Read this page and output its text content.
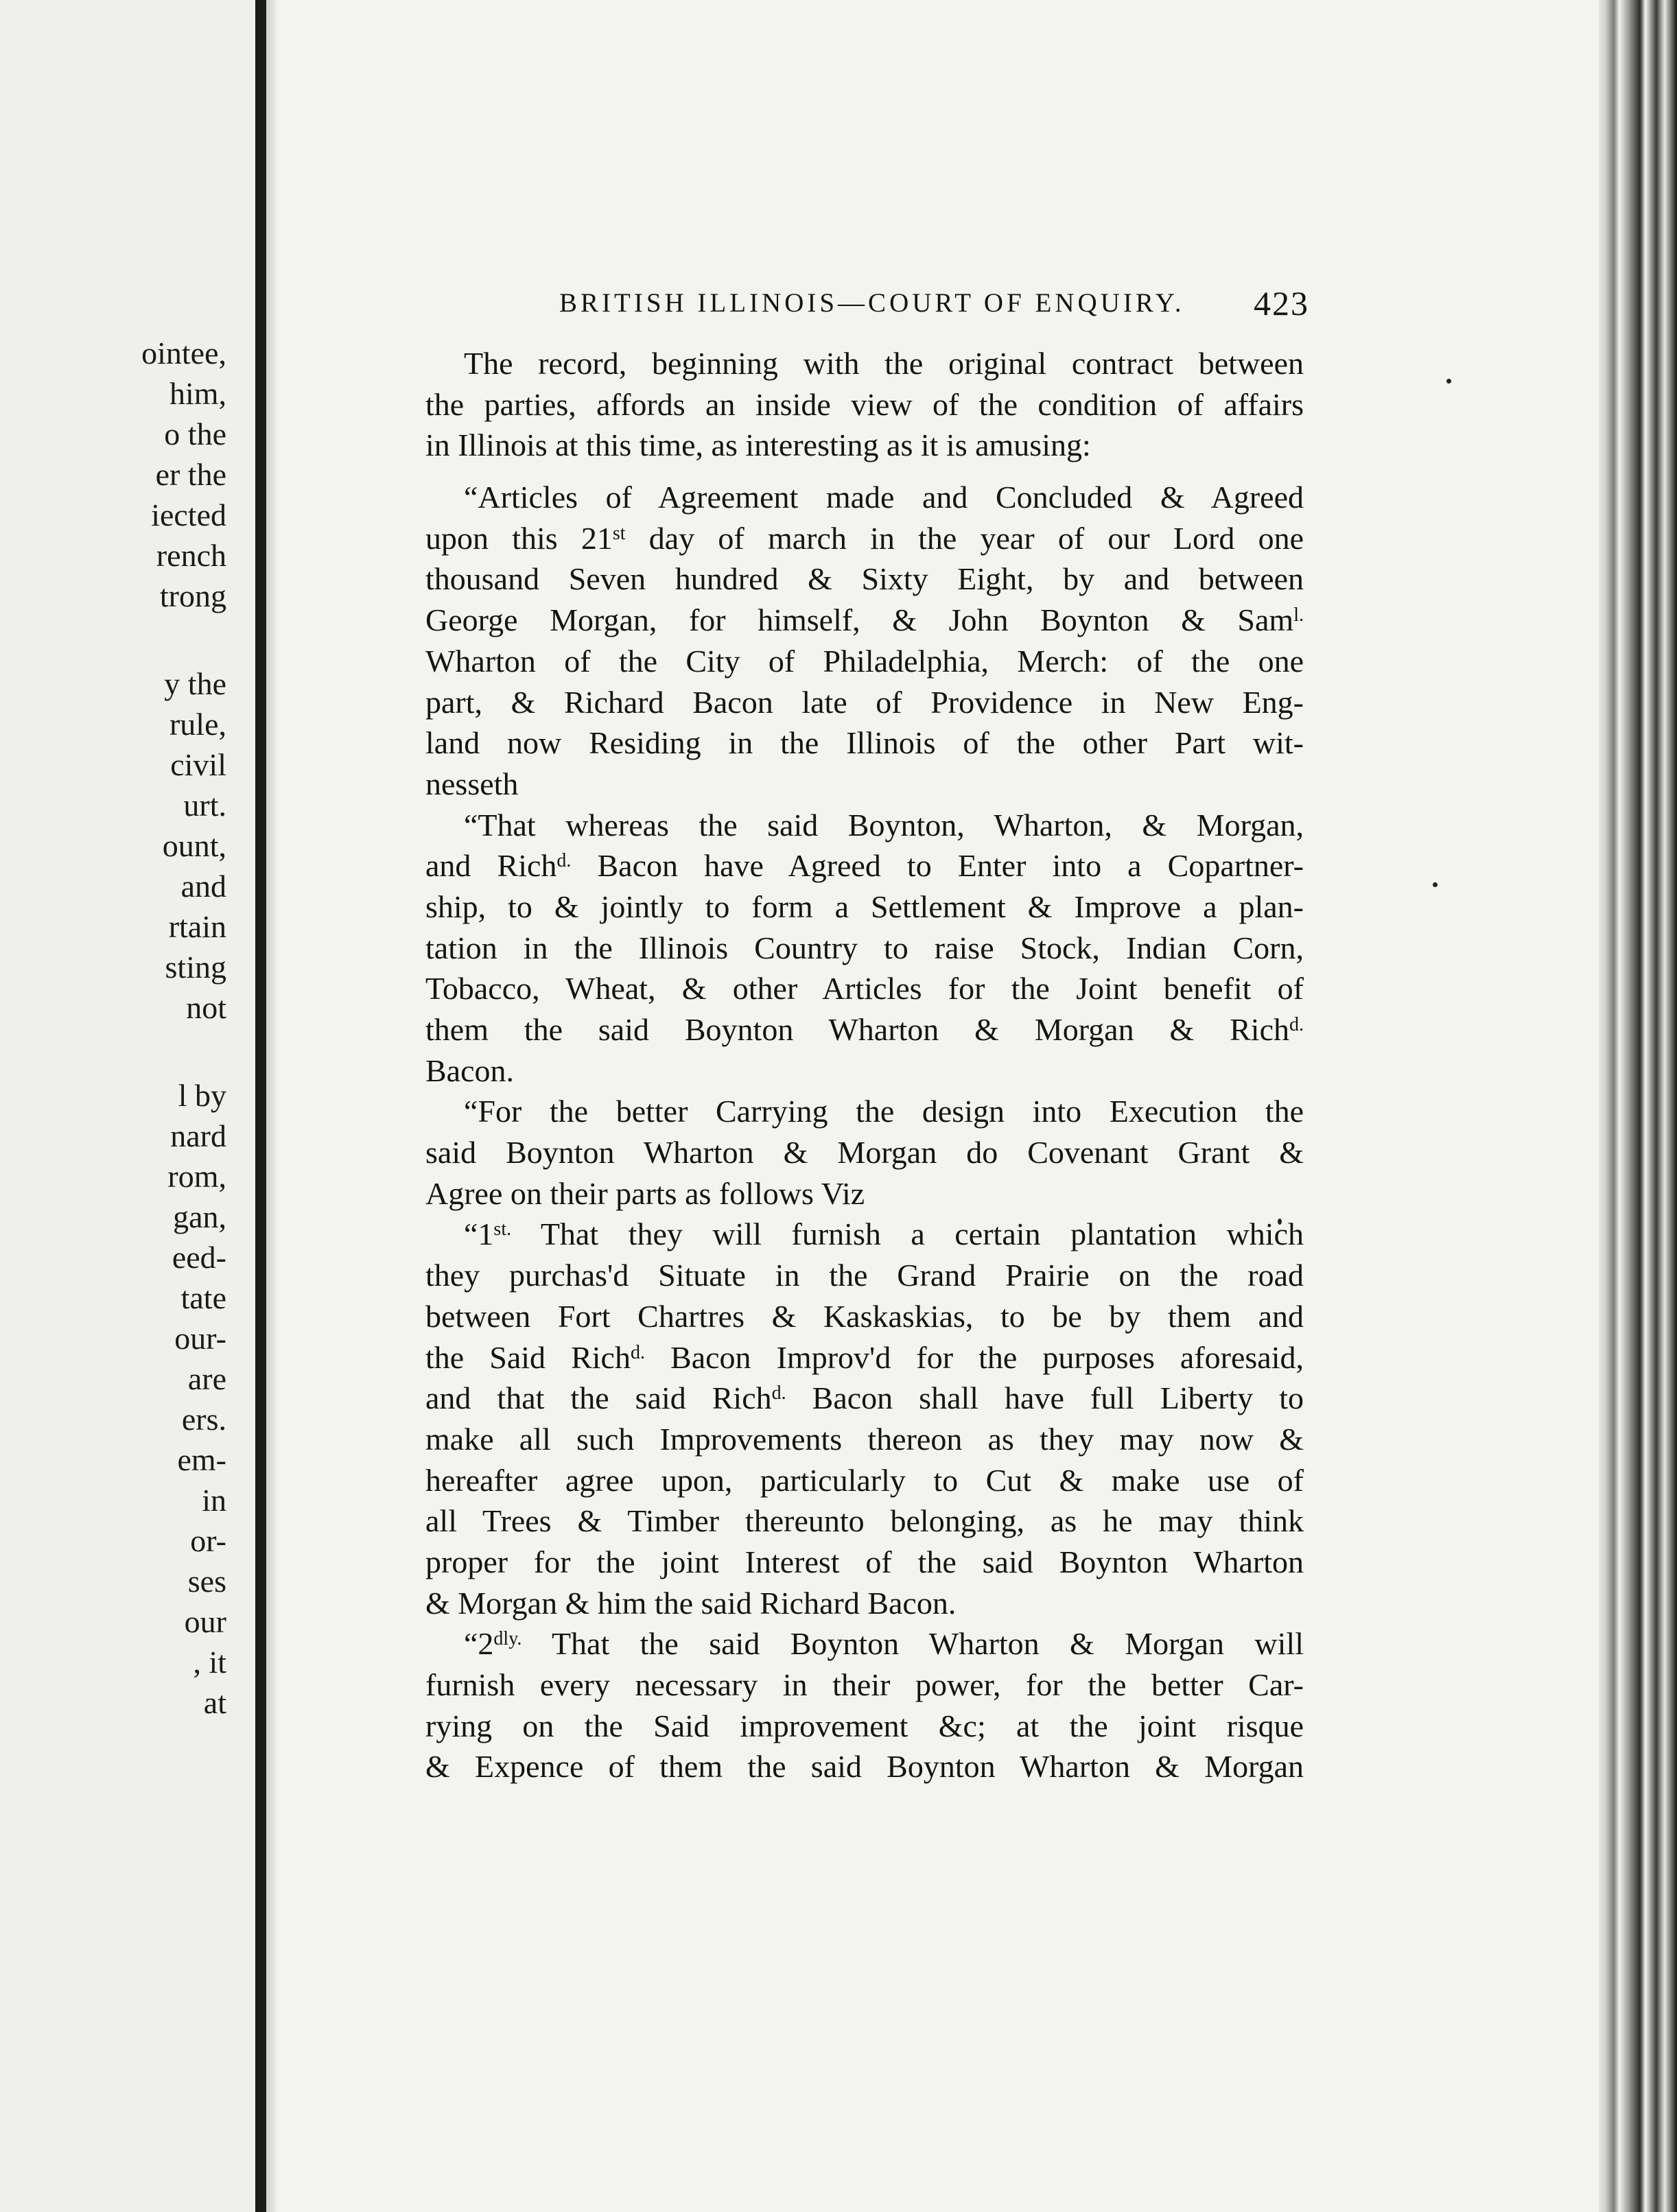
ointee,
him,
o the
er the
iected
rench
trong
y the
rule,
civil
urt.
ount,
and
rtain
sting
not
l by
nard
rom,
gan,
eed-
tate
our-
are
ers.
em-
in
or-
ses
our
, it
at
BRITISH ILLINOIS—COURT OF ENQUIRY. 423
The record, beginning with the original contract between
the parties, affords an inside view of the condition of affairs
in Illinois at this time, as interesting as it is amusing:
“Articles of Agreement made and Concluded & Agreed
upon this 21st day of march in the year of our Lord one
thousand Seven hundred & Sixty Eight, by and between
George Morgan, for himself, & John Boynton & Sam$^{l.}$
Wharton of the City of Philadelphia, Merch: of the one
part, & Richard Bacon late of Providence in New Eng-
land now Residing in the Illinois of the other Part wit-
nesseth
“That whereas the said Boynton, Wharton, & Morgan,
and Rich$^{d.}$ Bacon have Agreed to Enter into a Copartner-
ship, to & jointly to form a Settlement & Improve a plan-
tation in the Illinois Country to raise Stock, Indian Corn,
Tobacco, Wheat, & other Articles for the Joint benefit of
them the said Boynton Wharton & Morgan & Rich$^{d.}$
Bacon.
“For the better Carrying the design into Execution the
said Boynton Wharton & Morgan do Covenant Grant &
Agree on their parts as follows Viz
“$1^{st.}$ That they will furnish a certain plantation which
they purchas'd Situate in the Grand Prairie on the road
between Fort Chartres & Kaskaskias, to be by them and
the Said Rich$^{d.}$ Bacon Improv'd for the purposes aforesaid,
and that the said Rich$^{d.}$ Bacon shall have full Liberty to
make all such Improvements thereon as they may now &
hereafter agree upon, particularly to Cut & make use of
all Trees & Timber thereunto belonging, as he may think
proper for the joint Interest of the said Boynton Wharton
& Morgan & him the said Richard Bacon.
“$2^{dly.}$ That the said Boynton Wharton & Morgan will
furnish every necessary in their power, for the better Car-
rying on the Said improvement &c; at the joint risque
& Expence of them the said Boynton Wharton & Morgan
